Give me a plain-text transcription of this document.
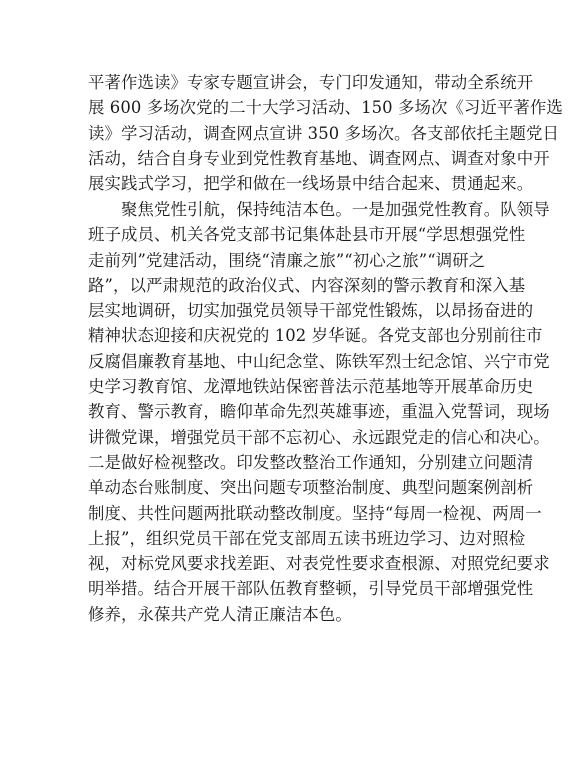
平著作选读》专家专题宣讲会，专门印发通知，带动全系统开
展 600 多场次党的二十大学习活动、150 多场次《习近平著作选
读》学习活动，调查网点宣讲 350 多场次。各支部依托主题党日
活动，结合自身专业到党性教育基地、调查网点、调查对象中开
展实践式学习，把学和做在一线场景中结合起来、贯通起来。
聚焦党性引航，保持纯洁本色。一是加强党性教育。队领导
班子成员、机关各党支部书记集体赴县市开展“学思想强党性
走前列”党建活动，围绕“清廉之旅”“初心之旅”“调研之
路”，以严肃规范的政治仪式、内容深刻的警示教育和深入基
层实地调研，切实加强党员领导干部党性锻炼，以昂扬奋进的
精神状态迎接和庆祝党的 102 岁华诞。各党支部也分别前往市
反腐倡廉教育基地、中山纪念堂、陈铁军烈士纪念馆、兴宁市党
史学习教育馆、龙潭地铁站保密普法示范基地等开展革命历史
教育、警示教育，瞻仰革命先烈英雄事迹，重温入党誓词，现场
讲微党课，增强党员干部不忘初心、永远跟党走的信心和决心。
二是做好检视整改。印发整改整治工作通知，分别建立问题清
单动态台账制度、突出问题专项整治制度、典型问题案例剖析
制度、共性问题两批联动整改制度。坚持“每周一检视、两周一
上报”，组织党员干部在党支部周五读书班边学习、边对照检
视，对标党风要求找差距、对表党性要求查根源、对照党纪要求
明举措。结合开展干部队伍教育整顿，引导党员干部增强党性
修养，永葆共产党人清正廉洁本色。
